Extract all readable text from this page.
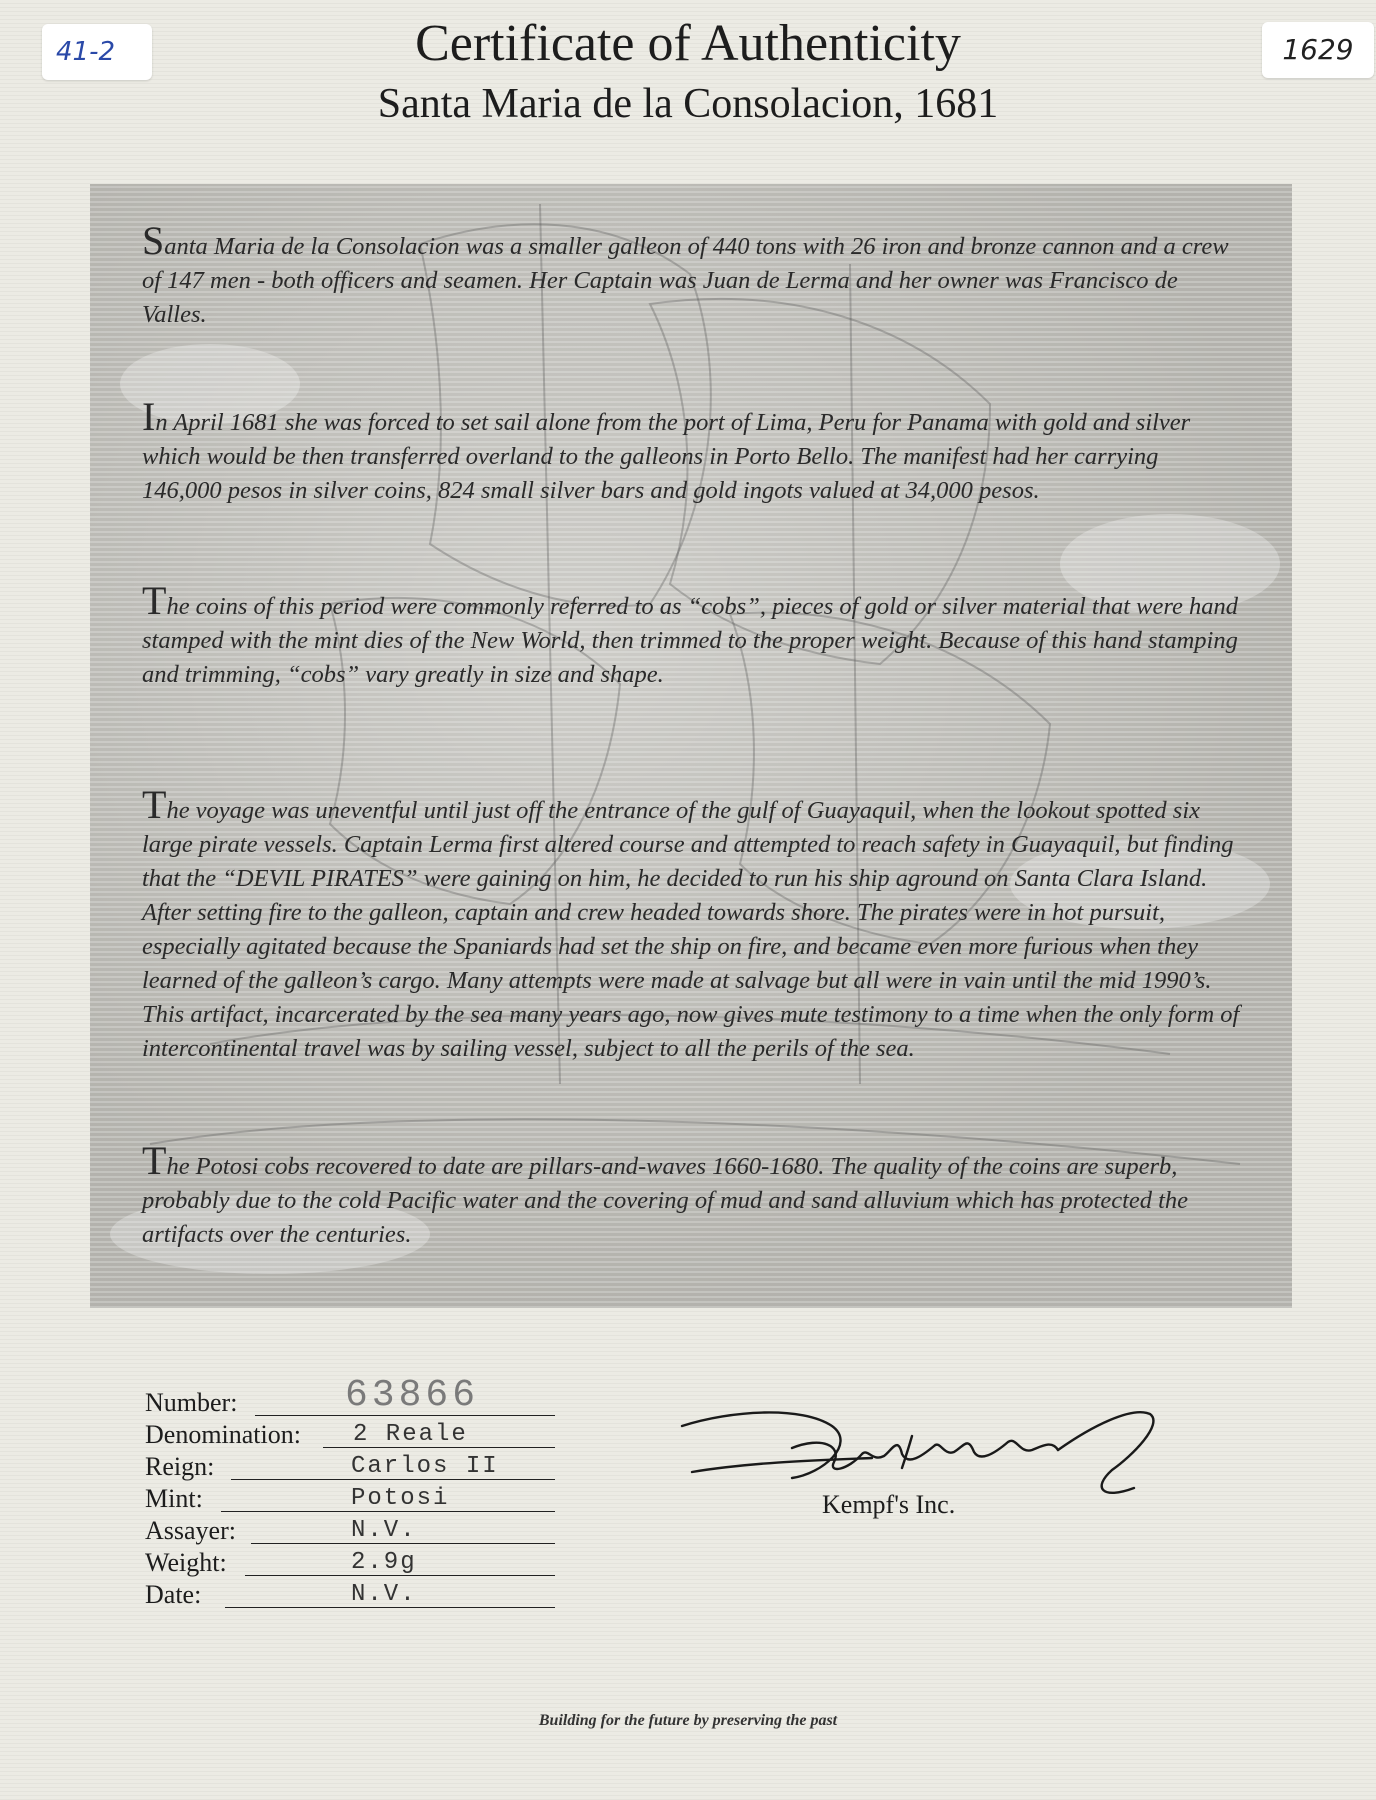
41-2	1629
Certificate of Authenticity
Santa Maria de la Consolacion, 1681

Santa Maria de la Consolacion was a smaller galleon of 440 tons with 26 iron and bronze cannon and a crew of 147 men - both officers and seamen. Her Captain was Juan de Lerma and her owner was Francisco de Valles.

In April 1681 she was forced to set sail alone from the port of Lima, Peru for Panama with gold and silver which would be then transferred overland to the galleons in Porto Bello. The manifest had her carrying 146,000 pesos in silver coins, 824 small silver bars and gold ingots valued at 34,000 pesos.

The coins of this period were commonly referred to as “cobs”, pieces of gold or silver material that were hand stamped with the mint dies of the New World, then trimmed to the proper weight. Because of this hand stamping and trimming, “cobs” vary greatly in size and shape.

The voyage was uneventful until just off the entrance of the gulf of Guayaquil, when the lookout spotted six large pirate vessels. Captain Lerma first altered course and attempted to reach safety in Guayaquil, but finding that the “DEVIL PIRATES” were gaining on him, he decided to run his ship aground on Santa Clara Island. After setting fire to the galleon, captain and crew headed towards shore. The pirates were in hot pursuit, especially agitated because the Spaniards had set the ship on fire, and became even more furious when they learned of the galleon’s cargo. Many attempts were made at salvage but all were in vain until the mid 1990’s. This artifact, incarcerated by the sea many years ago, now gives mute testimony to a time when the only form of intercontinental travel was by sailing vessel, subject to all the perils of the sea.

The Potosi cobs recovered to date are pillars-and-waves 1660-1680. The quality of the coins are superb, probably due to the cold Pacific water and the covering of mud and sand alluvium which has protected the artifacts over the centuries.

Number:	63866
Denomination: 2 Reale
Reign:	Carlos II
Mint:	Potosi
Assayer:	N.V.
Weight:	2.9g
Date:	N.V.
Kempf's Inc.
Building for the future by preserving the past
